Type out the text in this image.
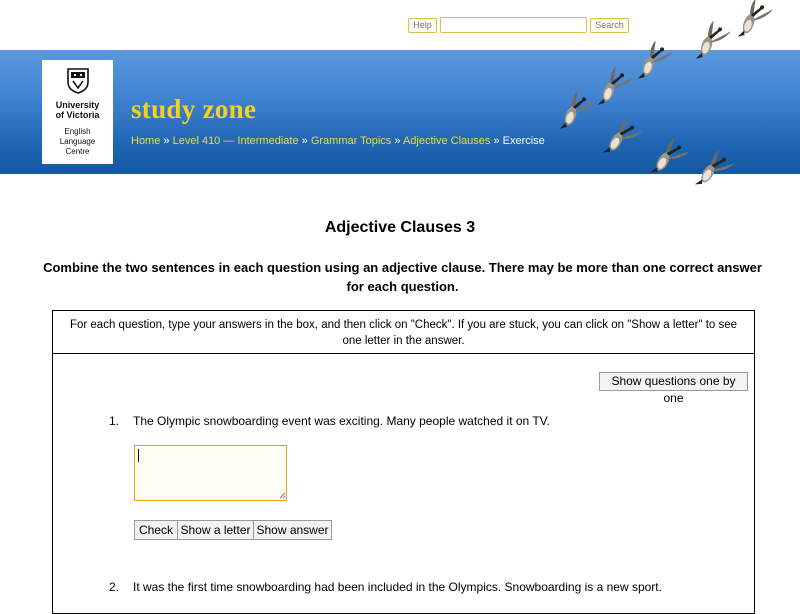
Help	Search
University
of Victoria
English
Language
Centre
study zone
Home » Level 410 — Intermediate » Grammar Topics » Adjective Clauses » Exercise
Adjective Clauses 3
Combine the two sentences in each question using an adjective clause. There may be more than one correct answer for each question.
For each question, type your answers in the box, and then click on "Check". If you are stuck, you can click on "Show a letter" to see one letter in the answer.
Show questions one by one
1. The Olympic snowboarding event was exciting. Many people watched it on TV.
Check Show a letter Show answer
2. It was the first time snowboarding had been included in the Olympics. Snowboarding is a new sport.
